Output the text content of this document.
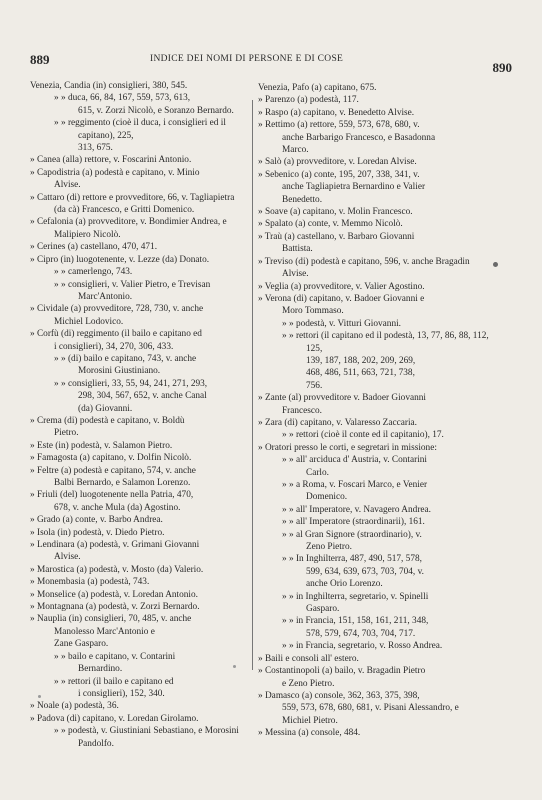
889	INDICE DEI NOMI DI PERSONE E DI COSE
890
Venezia, Candia (in) consiglieri, 380, 545.
» » duca, 66, 84, 167, 559, 573, 613,
615, v. Zorzi Nicolò, e Soranzo Bernardo.
» » reggimento (cioè il duca, i consiglieri ed il capitano), 225,
313, 675.
» Canea (alla) rettore, v. Foscarini Antonio.
» Capodistria (a) podestà e capitano, v. Minio
Alvise.
» Cattaro (di) rettore e provveditore, 66, v. Tagliapietra (da cà) Francesco, e Gritti Domenico.
» Cefalonia (a) provveditore, v. Bondimier Andrea, e Malipiero Nicolò.
» Cerines (a) castellano, 470, 471.
» Cipro (in) luogotenente, v. Lezze (da) Donato.
» » camerlengo, 743.
» » consiglieri, v. Valier Pietro, e Trevisan Marc'Antonio.
» Cividale (a) provveditore, 728, 730, v. anche
Michiel Lodovico.
» Corfù (di) reggimento (il bailo e capitano ed
i consiglieri), 34, 270, 306, 433.
» » (di) bailo e capitano, 743, v. anche
Morosini Giustiniano.
» » consiglieri, 33, 55, 94, 241, 271, 293,
298, 304, 567, 652, v. anche Canal
(da) Giovanni.
» Crema (di) podestà e capitano, v. Boldù
Pietro.
» Este (in) podestà, v. Salamon Pietro.
» Famagosta (a) capitano, v. Dolfin Nicolò.
» Feltre (a) podestà e capitano, 574, v. anche
Balbi Bernardo, e Salamon Lorenzo.
» Friuli (del) luogotenente nella Patria, 470,
678, v. anche Mula (da) Agostino.
» Grado (a) conte, v. Barbo Andrea.
» Isola (in) podestà, v. Diedo Pietro.
» Lendinara (a) podestà, v. Grimani Giovanni
Alvise.
» Marostica (a) podestà, v. Mosto (da) Valerio.
» Monembasia (a) podestà, 743.
» Monselice (a) podestà, v. Loredan Antonio.
» Montagnana (a) podestà, v. Zorzi Bernardo.
» Nauplia (in) consiglieri, 70, 485, v. anche
Manolesso Marc'Antonio e
Zane Gasparo.
» » bailo e capitano, v. Contarini
Bernardino.
» » rettori (il bailo e capitano ed
i consiglieri), 152, 340.
» Noale (a) podestà, 36.
» Padova (di) capitano, v. Loredan Girolamo.
» » podestà, v. Giustiniani Sebastiano, e Morosini Pandolfo.
Venezia, Pafo (a) capitano, 675.
» Parenzo (a) podestà, 117.
» Raspo (a) capitano, v. Benedetto Alvise.
» Rettimo (a) rettore, 559, 573, 678, 680, v.
anche Barbarigo Francesco, e Basadonna
Marco.
» Salò (a) provveditore, v. Loredan Alvise.
» Sebenico (a) conte, 195, 207, 338, 341, v.
anche Tagliapietra Bernardino e Valier
Benedetto.
» Soave (a) capitano, v. Molin Francesco.
» Spalato (a) conte, v. Memmo Nicolò.
» Traù (a) castellano, v. Barbaro Giovanni
Battista.
» Treviso (di) podestà e capitano, 596, v. anche Bragadin Alvise.
» Veglia (a) provveditore, v. Valier Agostino.
» Verona (di) capitano, v. Badoer Giovanni e
Moro Tommaso.
» » podestà, v. Vitturi Giovanni.
» » rettori (il capitano ed il podestà, 13, 77, 86, 88, 112, 125,
139, 187, 188, 202, 209, 269,
468, 486, 511, 663, 721, 738,
756.
» Zante (al) provveditore v. Badoer Giovanni
Francesco.
» Zara (di) capitano, v. Valaresso Zaccaria.
» » rettori (cioè il conte ed il capitanio), 17.
» Oratori presso le corti, e segretari in missione:
» » all' arciduca d' Austria, v. Contarini
Carlo.
» » a Roma, v. Foscari Marco, e Venier
Domenico.
» » all' Imperatore, v. Navagero Andrea.
» » all' Imperatore (straordinarii), 161.
» » al Gran Signore (straordinario), v.
Zeno Pietro.
» » In Inghilterra, 487, 490, 517, 578,
599, 634, 639, 673, 703, 704, v.
anche Orio Lorenzo.
» » in Inghilterra, segretario, v. Spinelli
Gasparo.
» » in Francia, 151, 158, 161, 211, 348,
578, 579, 674, 703, 704, 717.
» » in Francia, segretario, v. Rosso Andrea.
» Baili e consoli all' estero.
» Costantinopoli (a) bailo, v. Bragadin Pietro
e Zeno Pietro.
» Damasco (a) console, 362, 363, 375, 398,
559, 573, 678, 680, 681, v. Pisani Alessandro, e Michiel Pietro.
» Messina (a) console, 484.
